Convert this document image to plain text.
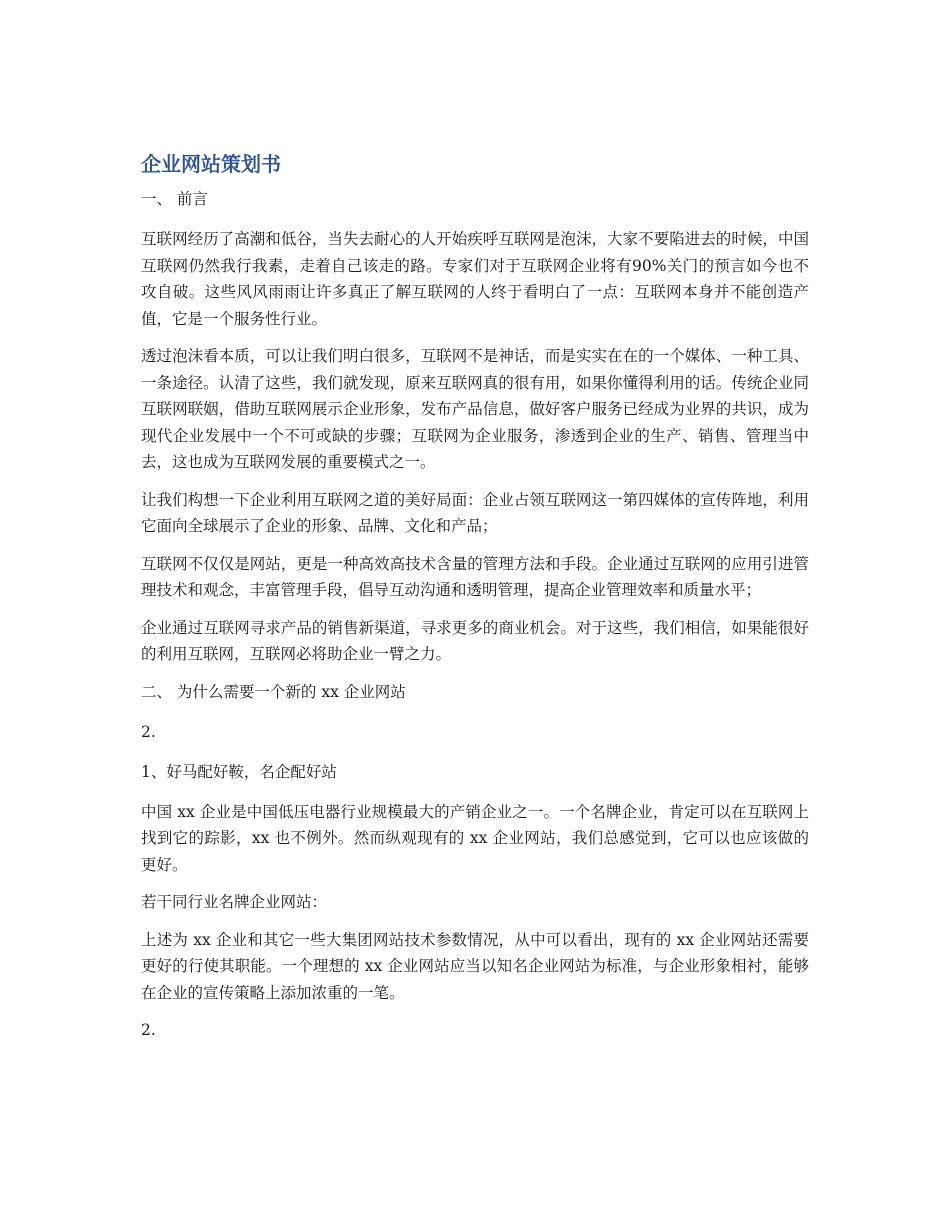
企业网站策划书
一、 前言

互联网经历了高潮和低谷，当失去耐心的人开始疾呼互联网是泡沫，大家不要陷进去的时候，中国互联网仍然我行我素，走着自己该走的路。专家们对于互联网企业将有90%关门的预言如今也不攻自破。这些风风雨雨让许多真正了解互联网的人终于看明白了一点：互联网本身并不能创造产值，它是一个服务性行业。

透过泡沫看本质，可以让我们明白很多，互联网不是神话，而是实实在在的一个媒体、一种工具、一条途径。认清了这些，我们就发现，原来互联网真的很有用，如果你懂得利用的话。传统企业同互联网联姻，借助互联网展示企业形象，发布产品信息，做好客户服务已经成为业界的共识，成为现代企业发展中一个不可或缺的步骤；互联网为企业服务，渗透到企业的生产、销售、管理当中去，这也成为互联网发展的重要模式之一。

让我们构想一下企业利用互联网之道的美好局面：企业占领互联网这一第四媒体的宣传阵地，利用它面向全球展示了企业的形象、品牌、文化和产品；

互联网不仅仅是网站，更是一种高效高技术含量的管理方法和手段。企业通过互联网的应用引进管理技术和观念，丰富管理手段，倡导互动沟通和透明管理，提高企业管理效率和质量水平；

企业通过互联网寻求产品的销售新渠道，寻求更多的商业机会。对于这些，我们相信，如果能很好的利用互联网，互联网必将助企业一臂之力。

二、 为什么需要一个新的 xx 企业网站
2.
1、好马配好鞍，名企配好站

中国 xx 企业是中国低压电器行业规模最大的产销企业之一。一个名牌企业，肯定可以在互联网上找到它的踪影，xx 也不例外。然而纵观现有的 xx 企业网站，我们总感觉到，它可以也应该做的更好。

若干同行业名牌企业网站：

上述为 xx 企业和其它一些大集团网站技术参数情况，从中可以看出，现有的 xx 企业网站还需要更好的行使其职能。一个理想的 xx 企业网站应当以知名企业网站为标准，与企业形象相衬，能够在企业的宣传策略上添加浓重的一笔。

2.
